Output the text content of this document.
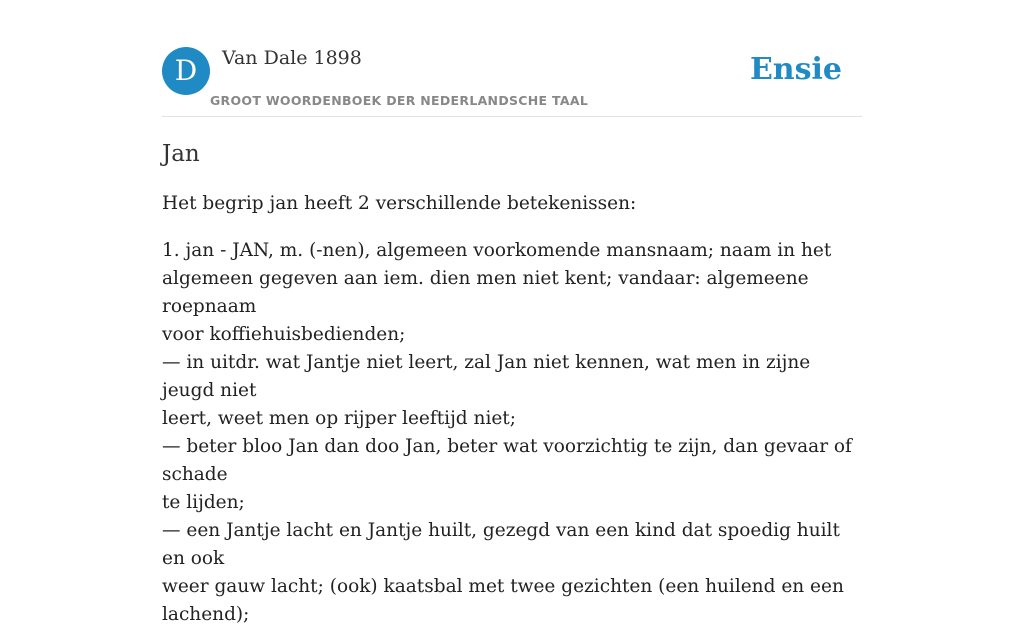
D	Van Dale 1898
GROOT WOORDENBOEK DER NEDERLANDSCHE TAAL
Ensie
Jan

Het begrip jan heeft 2 verschillende betekenissen:

1. jan - JAN, m. (-nen), algemeen voorkomende mansnaam; naam in het
algemeen gegeven aan iem. dien men niet kent; vandaar: algemeene roepnaam
voor koffiehuisbedienden;
— in uitdr. wat Jantje niet leert, zal Jan niet kennen, wat men in zijne jeugd niet
leert, weet men op rijper leeftijd niet;
— beter bloo Jan dan doo Jan, beter wat voorzichtig te zijn, dan gevaar of schade
te lijden;
— een Jantje lacht en Jantje huilt, gezegd van een kind dat spoedig huilt en ook
weer gauw lacht; (ook) kaatsbal met twee gezichten (een huilend en een
lachend);
